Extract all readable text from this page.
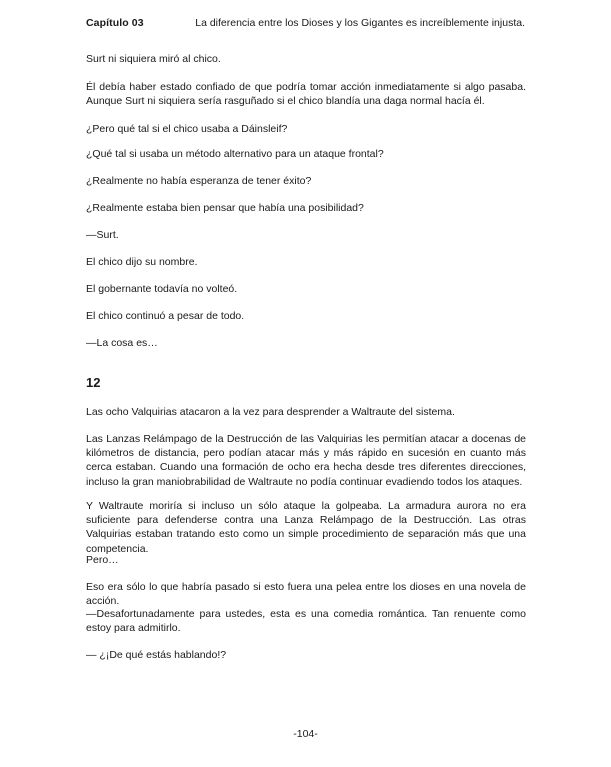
Capítulo 03	La diferencia entre los Dioses y los Gigantes es increíblemente injusta.

Surt ni siquiera miró al chico.

Él debía haber estado confiado de que podría tomar acción inmediatamente si algo pasaba. Aunque Surt ni siquiera sería rasguñado si el chico blandía una daga normal hacía él.

¿Pero qué tal si el chico usaba a Dáinsleif?

¿Qué tal si usaba un método alternativo para un ataque frontal?

¿Realmente no había esperanza de tener éxito?

¿Realmente estaba bien pensar que había una posibilidad?

—Surt.

El chico dijo su nombre.

El gobernante todavía no volteó.

El chico continuó a pesar de todo.

—La cosa es…

12

Las ocho Valquirias atacaron a la vez para desprender a Waltraute del sistema.

Las Lanzas Relámpago de la Destrucción de las Valquirias les permitían atacar a docenas de kilómetros de distancia, pero podían atacar más y más rápido en sucesión en cuanto más cerca estaban. Cuando una formación de ocho era hecha desde tres diferentes direcciones, incluso la gran maniobrabilidad de Waltraute no podía continuar evadiendo todos los ataques.

Y Waltraute moriría si incluso un sólo ataque la golpeaba. La armadura aurora no era suficiente para defenderse contra una Lanza Relámpago de la Destrucción. Las otras Valquirias estaban tratando esto como un simple procedimiento de separación más que una competencia.

Pero…

Eso era sólo lo que habría pasado si esto fuera una pelea entre los dioses en una novela de acción.

—Desafortunadamente para ustedes, esta es una comedia romántica. Tan renuente como estoy para admitirlo.

— ¿¡De qué estás hablando!?

-104-
